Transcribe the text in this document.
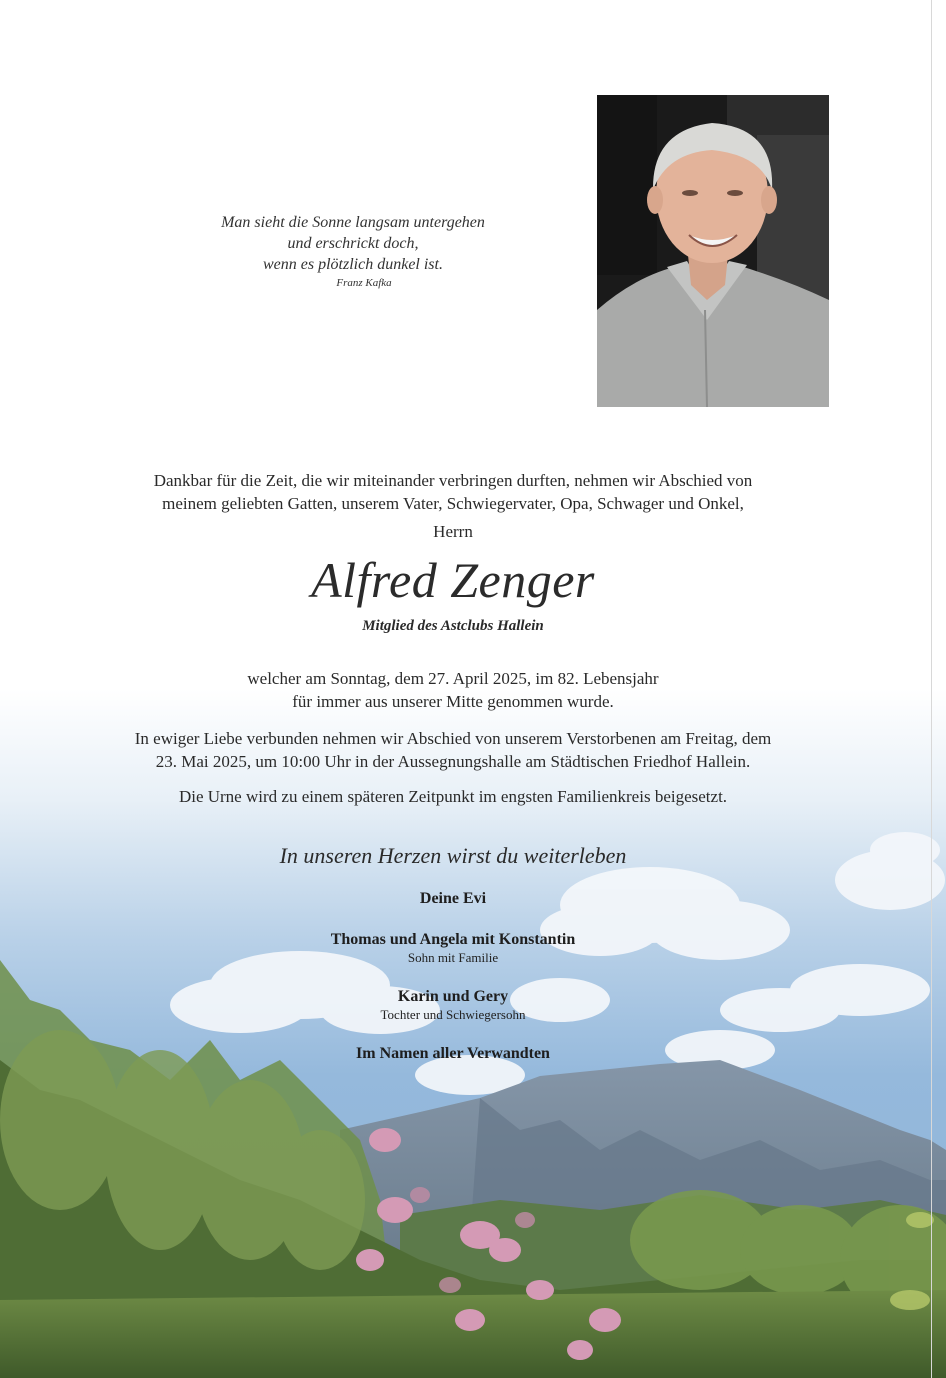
Man sieht die Sonne langsam untergehen
und erschrickt doch,
wenn es plötzlich dunkel ist.

Franz Kafka
Dankbar für die Zeit, die wir miteinander verbringen durften, nehmen wir Abschied von
meinem geliebten Gatten, unserem Vater, Schwiegervater, Opa, Schwager und Onkel,
Herrn
Alfred Zenger
Mitglied des Astclubs Hallein
welcher am Sonntag, dem 27. April 2025, im 82. Lebensjahr
für immer aus unserer Mitte genommen wurde.
In ewiger Liebe verbunden nehmen wir Abschied von unserem Verstorbenen am Freitag, dem
23. Mai 2025, um 10:00 Uhr in der Aussegnungshalle am Städtischen Friedhof Hallein.
Die Urne wird zu einem späteren Zeitpunkt im engsten Familienkreis beigesetzt.
In unseren Herzen wirst du weiterleben
Deine Evi
Thomas und Angela mit Konstantin
Sohn mit Familie
Karin und Gery
Tochter und Schwiegersohn
Im Namen aller Verwandten
